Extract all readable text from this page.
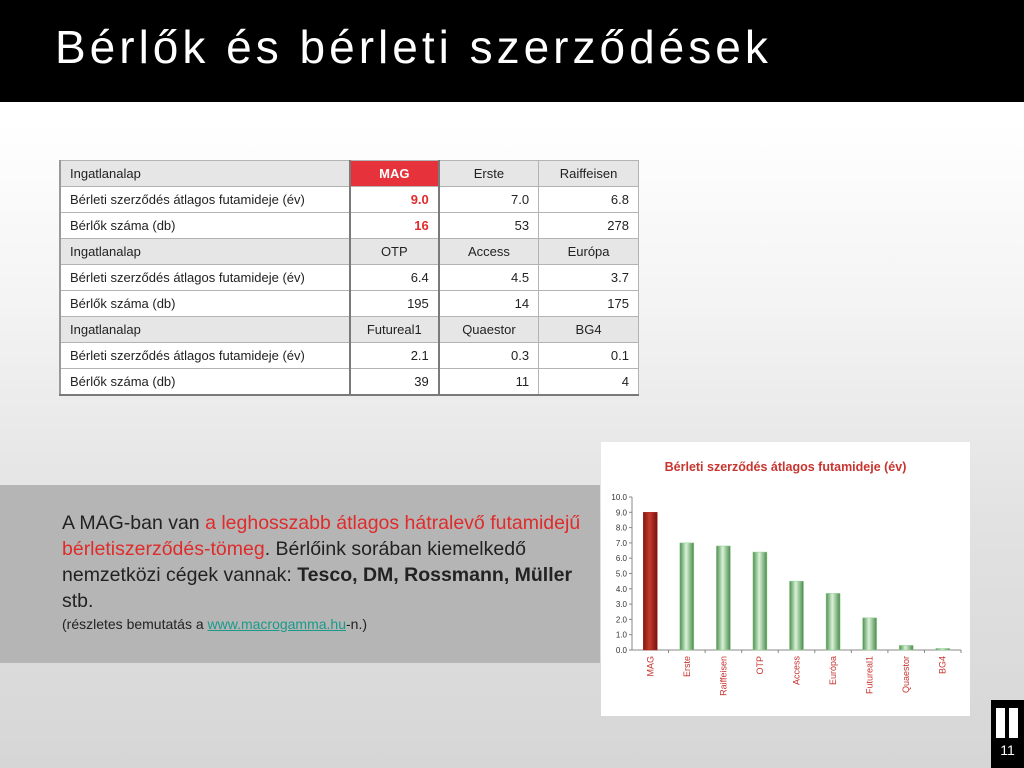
Bérlők és bérleti szerződések
Ingatlanalap	MAG	Erste	Raiffeisen
Bérleti szerződés átlagos futamideje (év)	9.0	7.0	6.8
Bérlők száma (db)	16	53	278
Ingatlanalap	OTP	Access	Európa
Bérleti szerződés átlagos futamideje (év)	6.4	4.5	3.7
Bérlők száma (db)	195	14	175
Ingatlanalap	Futureal1	Quaestor	BG4
Bérleti szerződés átlagos futamideje (év)	2.1	0.3	0.1
Bérlők száma (db)	39	11	4
A MAG-ban van a leghosszabb átlagos hátralevő futamidejű bérletiszerződés-tömeg. Bérlőink sorában kiemelkedő nemzetközi cégek vannak: Tesco, DM, Rossmann, Müller stb.
(részletes bemutatás a www.macrogamma.hu-n.)
Bérleti szerződés átlagos futamideje (év)
0.0
1.0
2.0
3.0
4.0
5.0
6.0
7.0
8.0
9.0
10.0
MAG	Erste	Raiffeisen	OTP	Access	Európa	Futureal1	Quaestor	BG4
11
